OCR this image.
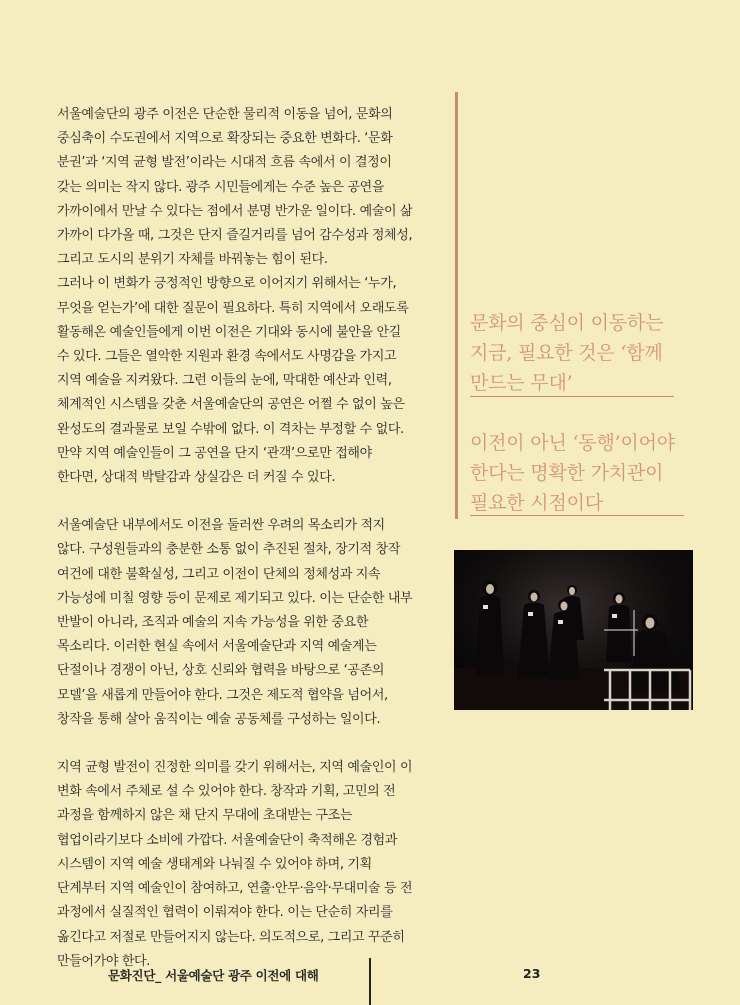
서울예술단의 광주 이전은 단순한 물리적 이동을 넘어, 문화의 중심축이 수도권에서 지역으로 확장되는 중요한 변화다. ‘문화 분권’과 ‘지역 균형 발전’이라는 시대적 흐름 속에서 이 결정이 갖는 의미는 작지 않다. 광주 시민들에게는 수준 높은 공연을 가까이에서 만날 수 있다는 점에서 분명 반가운 일이다. 예술이 삶 가까이 다가올 때, 그것은 단지 즐길거리를 넘어 감수성과 정체성, 그리고 도시의 분위기 자체를 바꿔놓는 힘이 된다.

그러나 이 변화가 긍정적인 방향으로 이어지기 위해서는 ‘누가, 무엇을 얻는가’에 대한 질문이 필요하다. 특히 지역에서 오래도록 활동해온 예술인들에게 이번 이전은 기대와 동시에 불안을 안길 수 있다. 그들은 열악한 지원과 환경 속에서도 사명감을 가지고 지역 예술을 지켜왔다. 그런 이들의 눈에, 막대한 예산과 인력, 체계적인 시스템을 갖춘 서울예술단의 공연은 어쩔 수 없이 높은 완성도의 결과물로 보일 수밖에 없다. 이 격차는 부정할 수 없다. 만약 지역 예술인들이 그 공연을 단지 ‘관객’으로만 접해야 한다면, 상대적 박탈감과 상실감은 더 커질 수 있다.

서울예술단 내부에서도 이전을 둘러싼 우려의 목소리가 적지 않다. 구성원들과의 충분한 소통 없이 추진된 절차, 장기적 창작 여건에 대한 불확실성, 그리고 이전이 단체의 정체성과 지속 가능성에 미칠 영향 등이 문제로 제기되고 있다. 이는 단순한 내부 반발이 아니라, 조직과 예술의 지속 가능성을 위한 중요한 목소리다. 이러한 현실 속에서 서울예술단과 지역 예술계는 단절이나 경쟁이 아닌, 상호 신뢰와 협력을 바탕으로 ‘공존의 모델’을 새롭게 만들어야 한다. 그것은 제도적 협약을 넘어서, 창작을 통해 살아 움직이는 예술 공동체를 구성하는 일이다.

지역 균형 발전이 진정한 의미를 갖기 위해서는, 지역 예술인이 이 변화 속에서 주체로 설 수 있어야 한다. 창작과 기획, 고민의 전 과정을 함께하지 않은 채 단지 무대에 초대받는 구조는 협업이라기보다 소비에 가깝다. 서울예술단이 축적해온 경험과 시스템이 지역 예술 생태계와 나눠질 수 있어야 하며, 기획 단계부터 지역 예술인이 참여하고, 연출·안무·음악·무대미술 등 전 과정에서 실질적인 협력이 이뤄져야 한다. 이는 단순히 자리를 옮긴다고 저절로 만들어지지 않는다. 의도적으로, 그리고 꾸준히 만들어가야 한다.

문화의 중심이 이동하는 지금, 필요한 것은 ‘함께 만드는 무대’
이전이 아닌 ‘동행’이어야 한다는 명확한 가치관이 필요한 시점이다
문화진단_ 서울예술단 광주 이전에 대해	23
